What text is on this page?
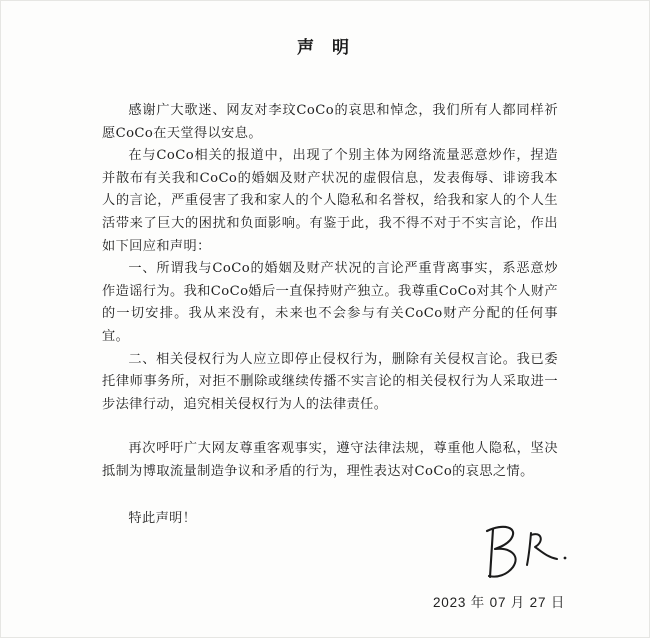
声 明

感谢广大歌迷、网友对李玟CoCo的哀思和悼念，我们所有人都同样祈愿CoCo在天堂得以安息。

在与CoCo相关的报道中，出现了个别主体为网络流量恶意炒作，捏造并散布有关我和CoCo的婚姻及财产状况的虚假信息，发表侮辱、诽谤我本人的言论，严重侵害了我和家人的个人隐私和名誉权，给我和家人的个人生活带来了巨大的困扰和负面影响。有鉴于此，我不得不对于不实言论，作出如下回应和声明：

一、所谓我与CoCo的婚姻及财产状况的言论严重背离事实，系恶意炒作造谣行为。我和CoCo婚后一直保持财产独立。我尊重CoCo对其个人财产的一切安排。我从来没有，未来也不会参与有关CoCo财产分配的任何事宜。

二、相关侵权行为人应立即停止侵权行为，删除有关侵权言论。我已委托律师事务所，对拒不删除或继续传播不实言论的相关侵权行为人采取进一步法律行动，追究相关侵权行为人的法律责任。

再次呼吁广大网友尊重客观事实，遵守法律法规，尊重他人隐私，坚决抵制为博取流量制造争议和矛盾的行为，理性表达对CoCo的哀思之情。

特此声明！

2023 年 07 月 27 日
